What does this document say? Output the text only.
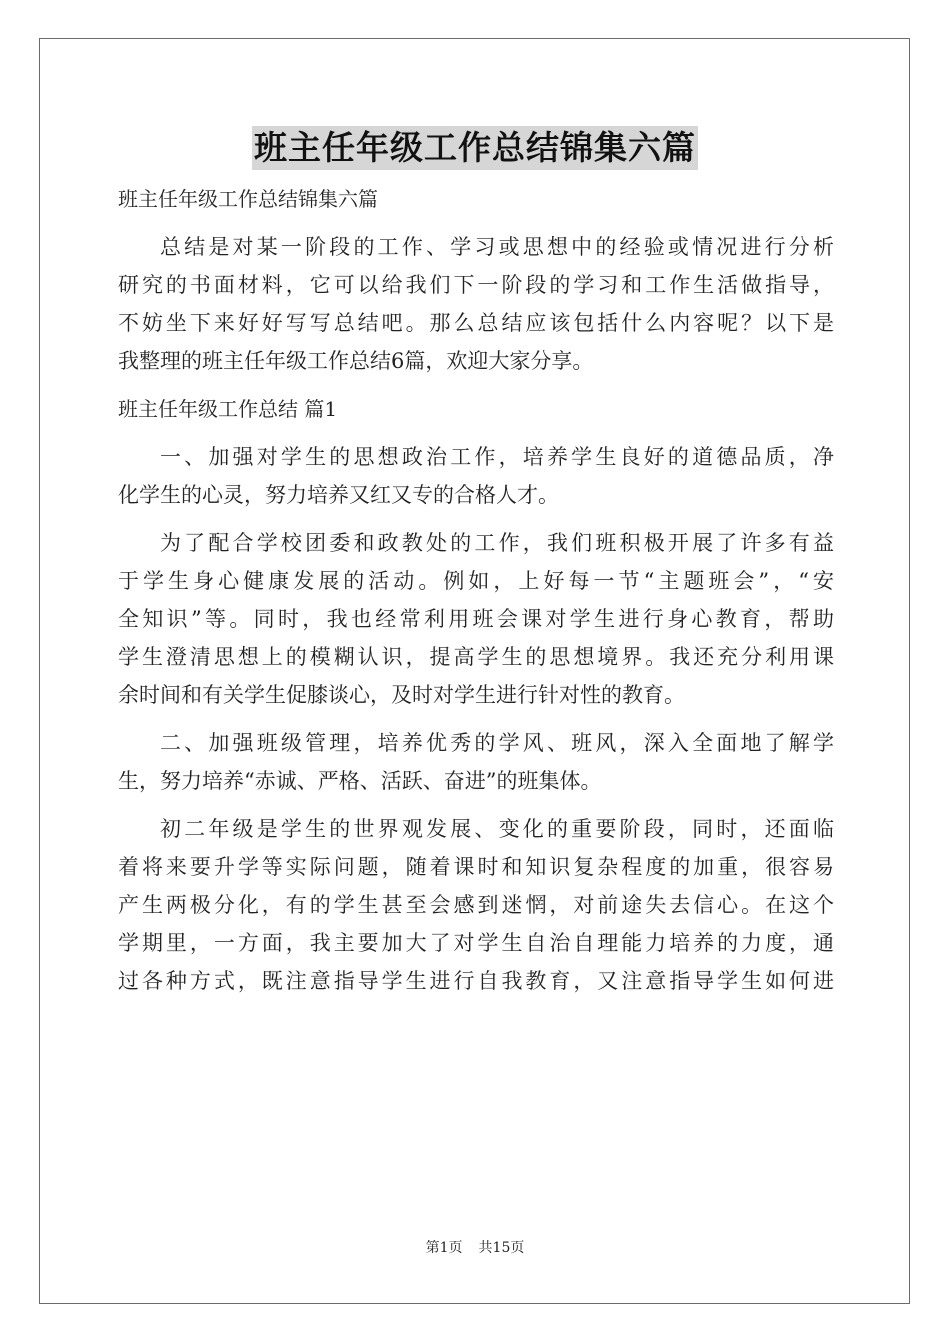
班主任年级工作总结锦集六篇

班主任年级工作总结锦集六篇

总结是对某一阶段的工作、学习或思想中的经验或情况进行分析

研究的书面材料，它可以给我们下一阶段的学习和工作生活做指导，

不妨坐下来好好写写总结吧。那么总结应该包括什么内容呢？以下是

我整理的班主任年级工作总结6篇，欢迎大家分享。

班主任年级工作总结 篇1

一、加强对学生的思想政治工作，培养学生良好的道德品质，净

化学生的心灵，努力培养又红又专的合格人才。

为了配合学校团委和政教处的工作，我们班积极开展了许多有益

于学生身心健康发展的活动。例如，上好每一节“主题班会”，“安

全知识”等。同时，我也经常利用班会课对学生进行身心教育，帮助

学生澄清思想上的模糊认识，提高学生的思想境界。我还充分利用课

余时间和有关学生促膝谈心，及时对学生进行针对性的教育。

二、加强班级管理，培养优秀的学风、班风，深入全面地了解学

生，努力培养“赤诚、严格、活跃、奋进”的班集体。

初二年级是学生的世界观发展、变化的重要阶段，同时，还面临

着将来要升学等实际问题，随着课时和知识复杂程度的加重，很容易

产生两极分化，有的学生甚至会感到迷惘，对前途失去信心。在这个

学期里，一方面，我主要加大了对学生自治自理能力培养的力度，通

过各种方式，既注意指导学生进行自我教育，又注意指导学生如何进

第1页 共15页
